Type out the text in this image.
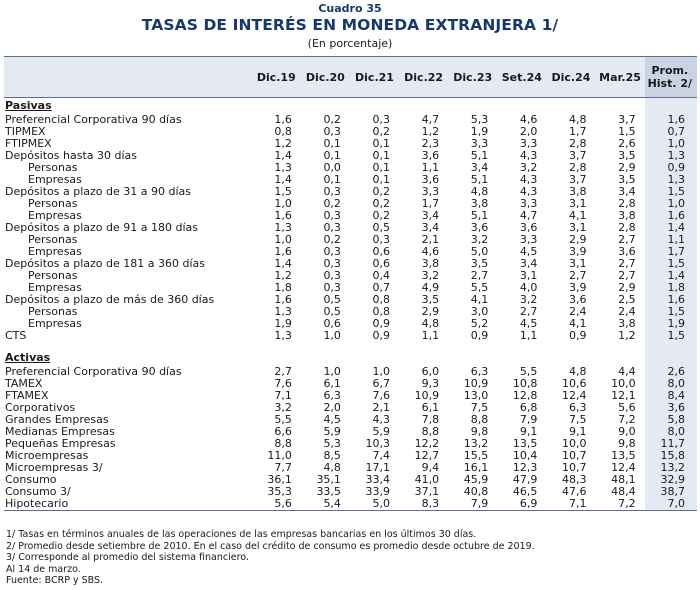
Cuadro 35
TASAS DE INTERÉS EN MONEDA EXTRANJERA 1/
(En porcentaje)
	Dic.19	Dic.20	Dic.21	Dic.22	Dic.23	Set.24	Dic.24	Mar.25	Prom.
Hist. 2/
Pasivas									
Preferencial Corporativa 90 días	1,6	0,2	0,3	4,7	5,3	4,6	4,8	3,7	1,6
TIPMEX	0,8	0,3	0,2	1,2	1,9	2,0	1,7	1,5	0,7
FTIPMEX	1,2	0,1	0,1	2,3	3,3	3,3	2,8	2,6	1,0
Depósitos hasta 30 días	1,4	0,1	0,1	3,6	5,1	4,3	3,7	3,5	1,3
Personas	1,3	0,0	0,1	1,1	3,4	3,2	2,8	2,9	0,9
Empresas	1,4	0,1	0,1	3,6	5,1	4,3	3,7	3,5	1,3
Depósitos a plazo de 31 a 90 días	1,5	0,3	0,2	3,3	4,8	4,3	3,8	3,4	1,5
Personas	1,0	0,2	0,2	1,7	3,8	3,3	3,1	2,8	1,0
Empresas	1,6	0,3	0,2	3,4	5,1	4,7	4,1	3,8	1,6
Depósitos a plazo de 91 a 180 días	1,3	0,3	0,5	3,4	3,6	3,6	3,1	2,8	1,4
Personas	1,0	0,2	0,3	2,1	3,2	3,3	2,9	2,7	1,1
Empresas	1,6	0,3	0,6	4,6	5,0	4,5	3,9	3,6	1,7
Depósitos a plazo de 181 a 360 días	1,4	0,3	0,6	3,8	3,5	3,4	3,1	2,7	1,5
Personas	1,2	0,3	0,4	3,2	2,7	3,1	2,7	2,7	1,4
Empresas	1,8	0,3	0,7	4,9	5,5	4,0	3,9	2,9	1,8
Depósitos a plazo de más de 360 días	1,6	0,5	0,8	3,5	4,1	3,2	3,6	2,5	1,6
Personas	1,3	0,5	0,8	2,9	3,0	2,7	2,4	2,4	1,5
Empresas	1,9	0,6	0,9	4,8	5,2	4,5	4,1	3,8	1,9
CTS	1,3	1,0	0,9	1,1	0,9	1,1	0,9	1,2	1,5

Activas									
Preferencial Corporativa 90 días	2,7	1,0	1,0	6,0	6,3	5,5	4,8	4,4	2,6
TAMEX	7,6	6,1	6,7	9,3	10,9	10,8	10,6	10,0	8,0
FTAMEX	7,1	6,3	7,6	10,9	13,0	12,8	12,4	12,1	8,4
Corporativos	3,2	2,0	2,1	6,1	7,5	6,8	6,3	5,6	3,6
Grandes Empresas	5,5	4,5	4,3	7,8	8,8	7,9	7,5	7,2	5,8
Medianas Empresas	6,6	5,9	5,9	8,8	9,8	9,1	9,1	9,0	8,0
Pequeñas Empresas	8,8	5,3	10,3	12,2	13,2	13,5	10,0	9,8	11,7
Microempresas	11,0	8,5	7,4	12,7	15,5	10,4	10,7	13,5	15,8
Microempresas 3/	7,7	4,8	17,1	9,4	16,1	12,3	10,7	12,4	13,2
Consumo	36,1	35,1	33,4	41,0	45,9	47,9	48,3	48,1	32,9
Consumo 3/	35,3	33,5	33,9	37,1	40,8	46,5	47,6	48,4	38,7
Hipotecario	5,6	5,4	5,0	8,3	7,9	6,9	7,1	7,2	7,0
1/ Tasas en términos anuales de las operaciones de las empresas bancarias en los últimos 30 días.
2/ Promedio desde setiembre de 2010. En el caso del crédito de consumo es promedio desde octubre de 2019.
3/ Corresponde al promedio del sistema financiero.
Al 14 de marzo.
Fuente: BCRP y SBS.
